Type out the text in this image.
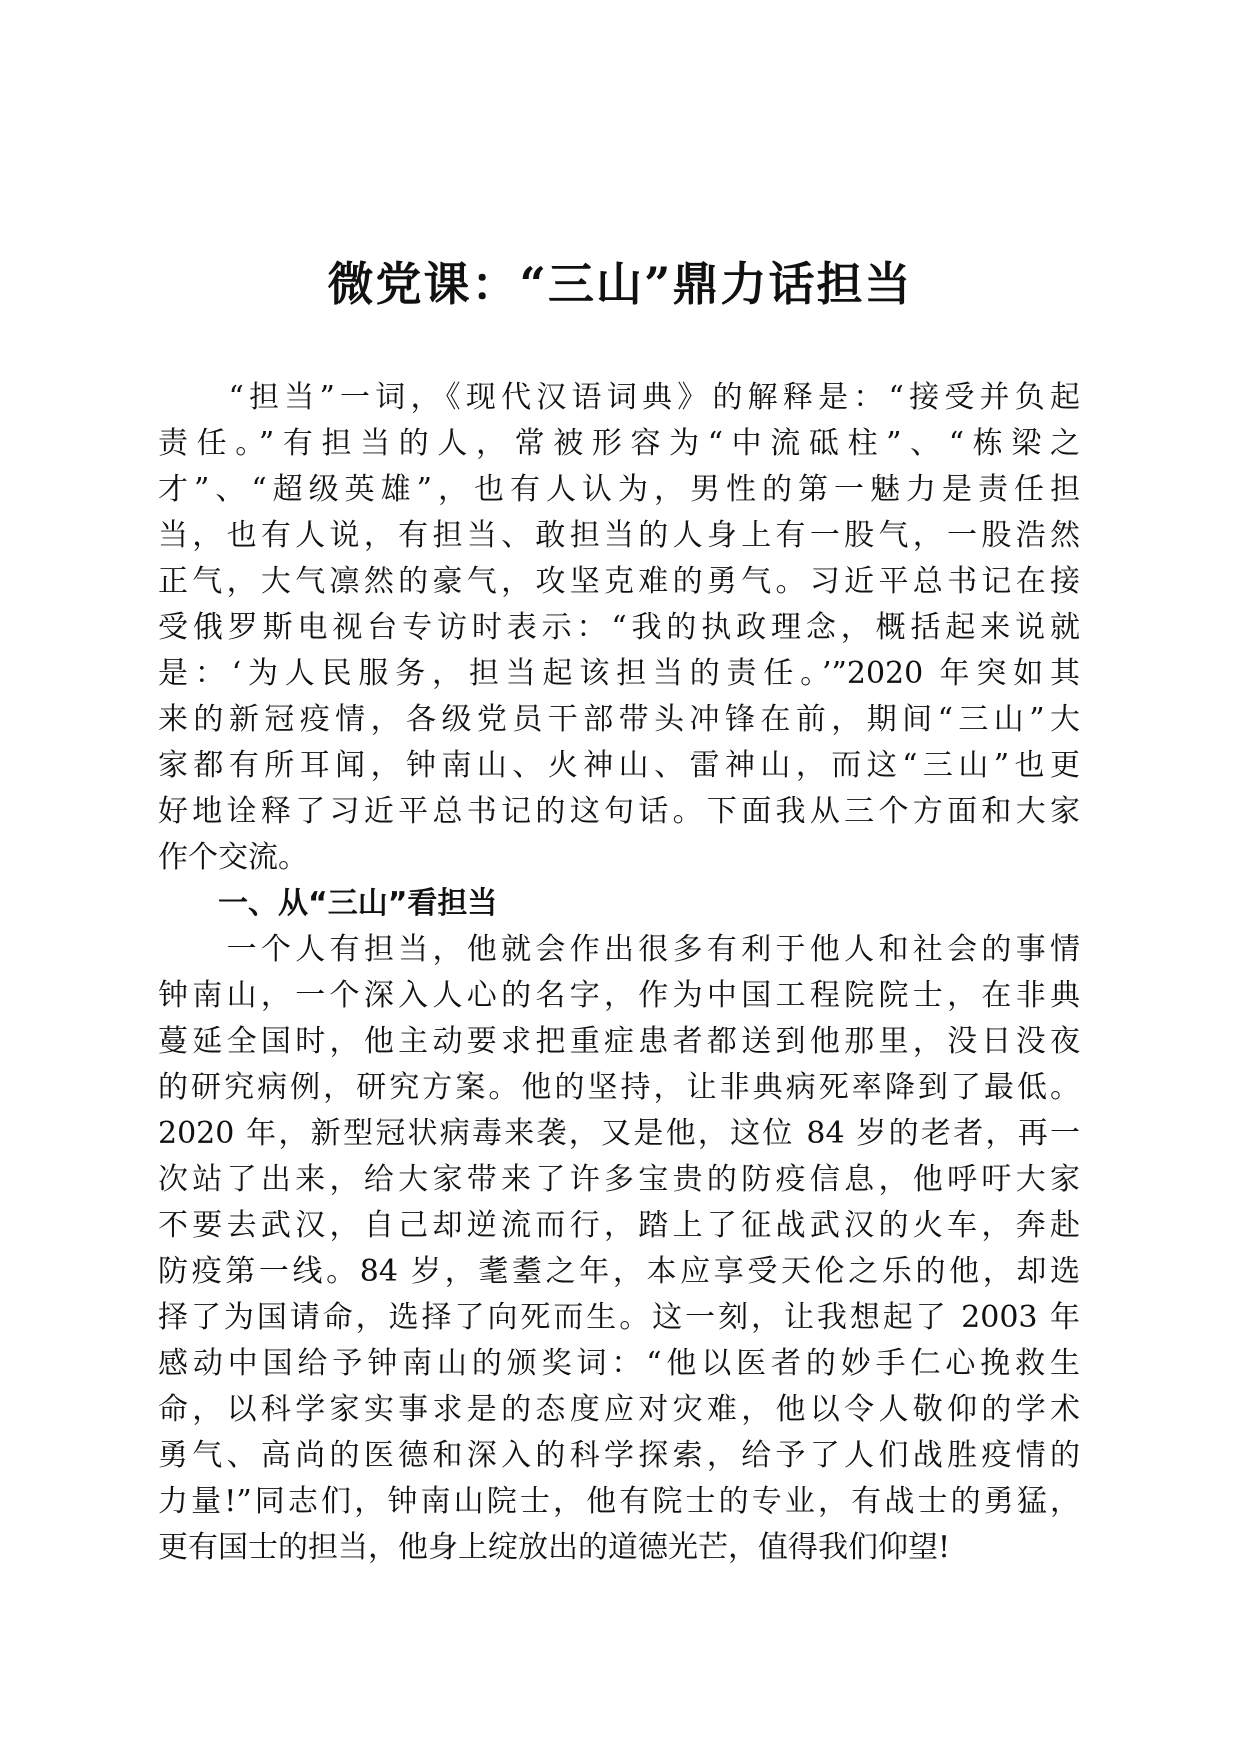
微党课：“三山”鼎力话担当
　　“担当”一词，《现代汉语词典》的解释是：“接受并负起
责任。”有担当的人，常被形容为“中流砥柱”、“栋梁之
才”、“超级英雄”，也有人认为，男性的第一魅力是责任担
当，也有人说，有担当、敢担当的人身上有一股气，一股浩然
正气，大气凛然的豪气，攻坚克难的勇气。习近平总书记在接
受俄罗斯电视台专访时表示：“我的执政理念，概括起来说就
是：‘为人民服务，担当起该担当的责任。’”2020 年突如其
来的新冠疫情，各级党员干部带头冲锋在前，期间“三山”大
家都有所耳闻，钟南山、火神山、雷神山，而这“三山”也更
好地诠释了习近平总书记的这句话。下面我从三个方面和大家
作个交流。
　　一、从“三山”看担当
　　一个人有担当，他就会作出很多有利于他人和社会的事情
钟南山，一个深入人心的名字，作为中国工程院院士，在非典
蔓延全国时，他主动要求把重症患者都送到他那里，没日没夜
的研究病例，研究方案。他的坚持，让非典病死率降到了最低。
2020 年，新型冠状病毒来袭，又是他，这位 84 岁的老者，再一
次站了出来，给大家带来了许多宝贵的防疫信息，他呼吁大家
不要去武汉，自己却逆流而行，踏上了征战武汉的火车，奔赴
防疫第一线。84 岁，耄耋之年，本应享受天伦之乐的他，却选
择了为国请命，选择了向死而生。这一刻，让我想起了 2003 年
感动中国给予钟南山的颁奖词：“他以医者的妙手仁心挽救生
命，以科学家实事求是的态度应对灾难，他以令人敬仰的学术
勇气、高尚的医德和深入的科学探索，给予了人们战胜疫情的
力量!”同志们，钟南山院士，他有院士的专业，有战士的勇猛，
更有国士的担当，他身上绽放出的道德光芒，值得我们仰望!
